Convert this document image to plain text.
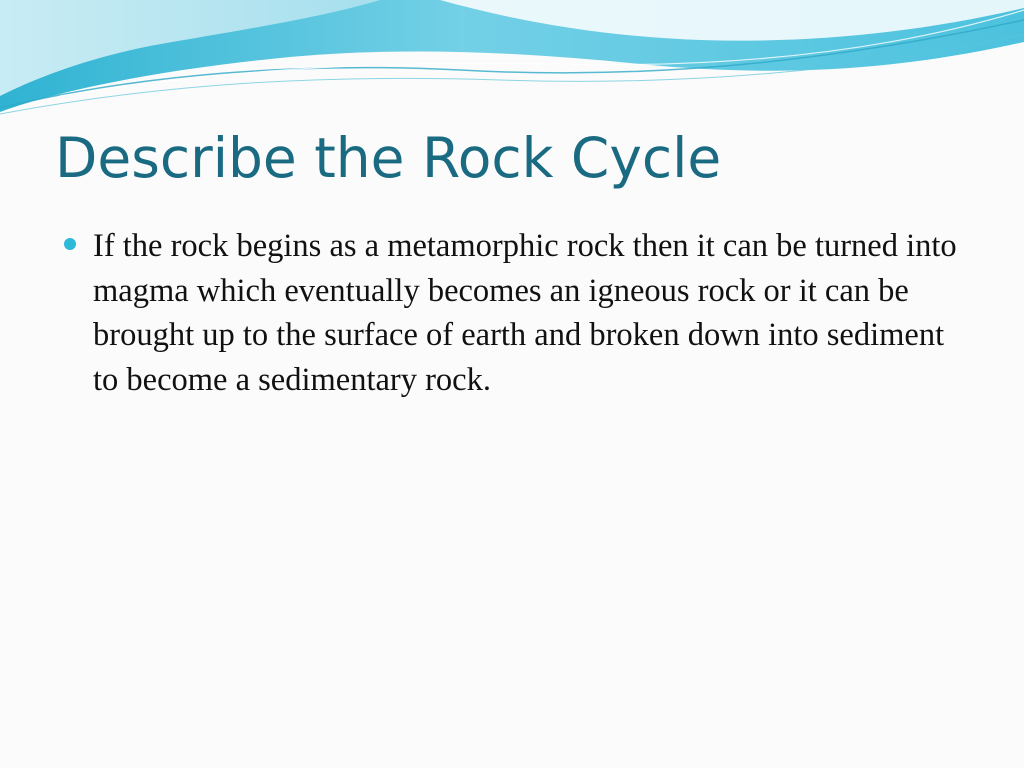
Describe the Rock Cycle
If the rock begins as a metamorphic rock then it can be turned into magma which eventually becomes an igneous rock or it can be brought up to the surface of earth and broken down into sediment to become a sedimentary rock.
